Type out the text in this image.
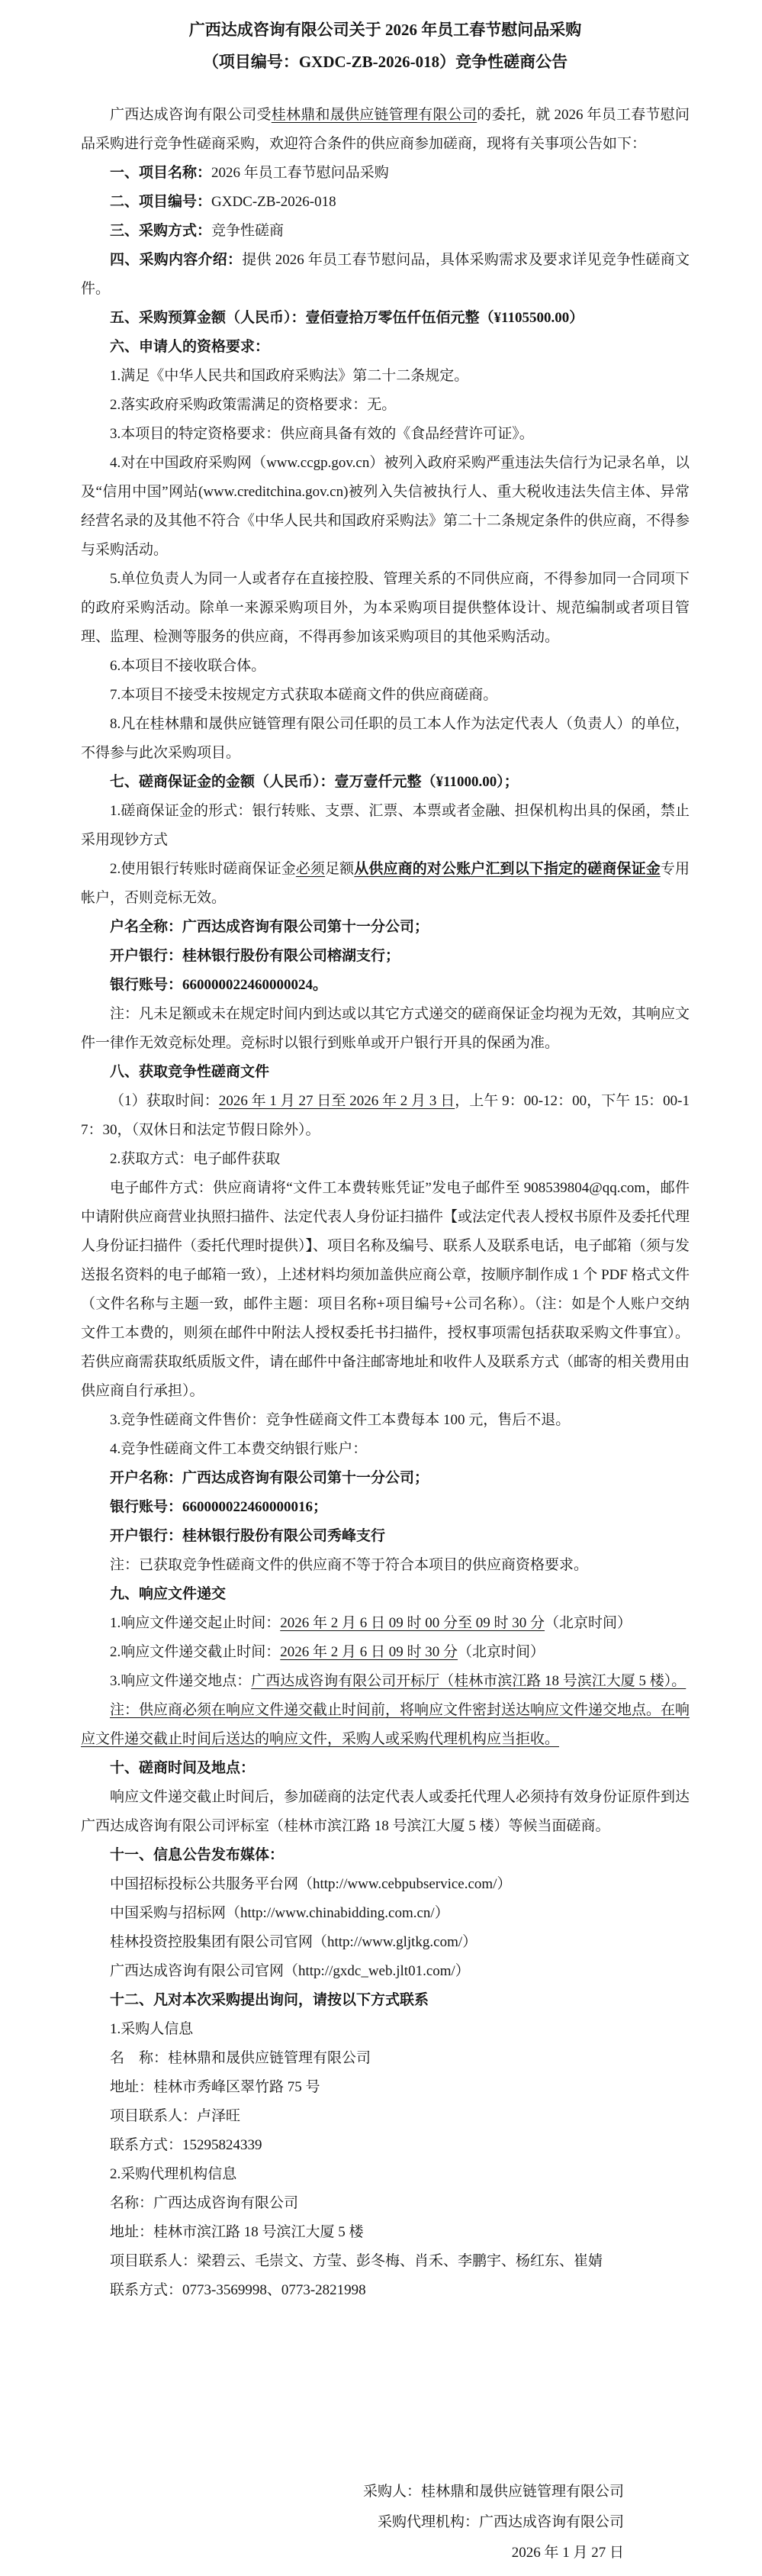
广西达成咨询有限公司关于 2026 年员工春节慰问品采购
（项目编号：GXDC-ZB-2026-018）竞争性磋商公告

广西达成咨询有限公司受桂林鼎和晟供应链管理有限公司的委托，就 2026 年员工春节慰问品采购进行竞争性磋商采购，欢迎符合条件的供应商参加磋商，现将有关事项公告如下：

一、项目名称：2026 年员工春节慰问品采购

二、项目编号：GXDC-ZB-2026-018

三、采购方式：竞争性磋商

四、采购内容介绍：提供 2026 年员工春节慰问品，具体采购需求及要求详见竞争性磋商文件。

五、采购预算金额（人民币）：壹佰壹拾万零伍仟伍佰元整（¥1105500.00）

六、申请人的资格要求：

1.满足《中华人民共和国政府采购法》第二十二条规定。

2.落实政府采购政策需满足的资格要求：无。

3.本项目的特定资格要求：供应商具备有效的《食品经营许可证》。

4.对在中国政府采购网（www.ccgp.gov.cn）被列入政府采购严重违法失信行为记录名单，以及“信用中国”网站(www.creditchina.gov.cn)被列入失信被执行人、重大税收违法失信主体、异常经营名录的及其他不符合《中华人民共和国政府采购法》第二十二条规定条件的供应商，不得参与采购活动。

5.单位负责人为同一人或者存在直接控股、管理关系的不同供应商，不得参加同一合同项下的政府采购活动。除单一来源采购项目外，为本采购项目提供整体设计、规范编制或者项目管理、监理、检测等服务的供应商，不得再参加该采购项目的其他采购活动。

6.本项目不接收联合体。

7.本项目不接受未按规定方式获取本磋商文件的供应商磋商。

8.凡在桂林鼎和晟供应链管理有限公司任职的员工本人作为法定代表人（负责人）的单位，不得参与此次采购项目。

七、磋商保证金的金额（人民币）：壹万壹仟元整（¥11000.00）；

1.磋商保证金的形式：银行转账、支票、汇票、本票或者金融、担保机构出具的保函，禁止采用现钞方式

2.使用银行转账时磋商保证金必须足额从供应商的对公账户汇到以下指定的磋商保证金专用帐户，否则竞标无效。

户名全称：广西达成咨询有限公司第十一分公司；

开户银行：桂林银行股份有限公司榕湖支行；

银行账号：660000022460000024。

注：凡未足额或未在规定时间内到达或以其它方式递交的磋商保证金均视为无效，其响应文件一律作无效竞标处理。竞标时以银行到账单或开户银行开具的保函为准。

八、获取竞争性磋商文件

（1）获取时间：2026 年 1 月 27 日至 2026 年 2 月 3 日，上午 9：00-12：00，下午 15：00-17：30，（双休日和法定节假日除外）。

2.获取方式：电子邮件获取

电子邮件方式：供应商请将“文件工本费转账凭证”发电子邮件至 908539804@qq.com，邮件中请附供应商营业执照扫描件、法定代表人身份证扫描件【或法定代表人授权书原件及委托代理人身份证扫描件（委托代理时提供）】、项目名称及编号、联系人及联系电话，电子邮箱（须与发送报名资料的电子邮箱一致），上述材料均须加盖供应商公章，按顺序制作成 1 个 PDF 格式文件（文件名称与主题一致，邮件主题：项目名称+项目编号+公司名称）。（注：如是个人账户交纳文件工本费的，则须在邮件中附法人授权委托书扫描件，授权事项需包括获取采购文件事宜）。若供应商需获取纸质版文件，请在邮件中备注邮寄地址和收件人及联系方式（邮寄的相关费用由供应商自行承担）。

3.竞争性磋商文件售价：竞争性磋商文件工本费每本 100 元，售后不退。

4.竞争性磋商文件工本费交纳银行账户：

开户名称：广西达成咨询有限公司第十一分公司；

银行账号：660000022460000016；

开户银行：桂林银行股份有限公司秀峰支行

注：已获取竞争性磋商文件的供应商不等于符合本项目的供应商资格要求。

九、响应文件递交

1.响应文件递交起止时间：2026 年 2 月 6 日 09 时 00 分至 09 时 30 分（北京时间）

2.响应文件递交截止时间：2026 年 2 月 6 日 09 时 30 分（北京时间）

3.响应文件递交地点：广西达成咨询有限公司开标厅（桂林市滨江路 18 号滨江大厦 5 楼）。

注：供应商必须在响应文件递交截止时间前，将响应文件密封送达响应文件递交地点。在响应文件递交截止时间后送达的响应文件，采购人或采购代理机构应当拒收。

十、磋商时间及地点：

响应文件递交截止时间后，参加磋商的法定代表人或委托代理人必须持有效身份证原件到达广西达成咨询有限公司评标室（桂林市滨江路 18 号滨江大厦 5 楼）等候当面磋商。

十一、信息公告发布媒体：

中国招标投标公共服务平台网（http://www.cebpubservice.com/）

中国采购与招标网（http://www.chinabidding.com.cn/）

桂林投资控股集团有限公司官网（http://www.gljtkg.com/）

广西达成咨询有限公司官网（http://gxdc_web.jlt01.com/）

十二、凡对本次采购提出询问，请按以下方式联系

1.采购人信息

名　称：桂林鼎和晟供应链管理有限公司

地址：桂林市秀峰区翠竹路 75 号

项目联系人：卢泽旺

联系方式：15295824339

2.采购代理机构信息

名称：广西达成咨询有限公司

地址：桂林市滨江路 18 号滨江大厦 5 楼

项目联系人：梁碧云、毛崇文、方莹、彭冬梅、肖禾、李鹏宇、杨红东、崔婧

联系方式：0773-3569998、0773-2821998

采购人：桂林鼎和晟供应链管理有限公司

采购代理机构：广西达成咨询有限公司

2026 年 1 月 27 日
